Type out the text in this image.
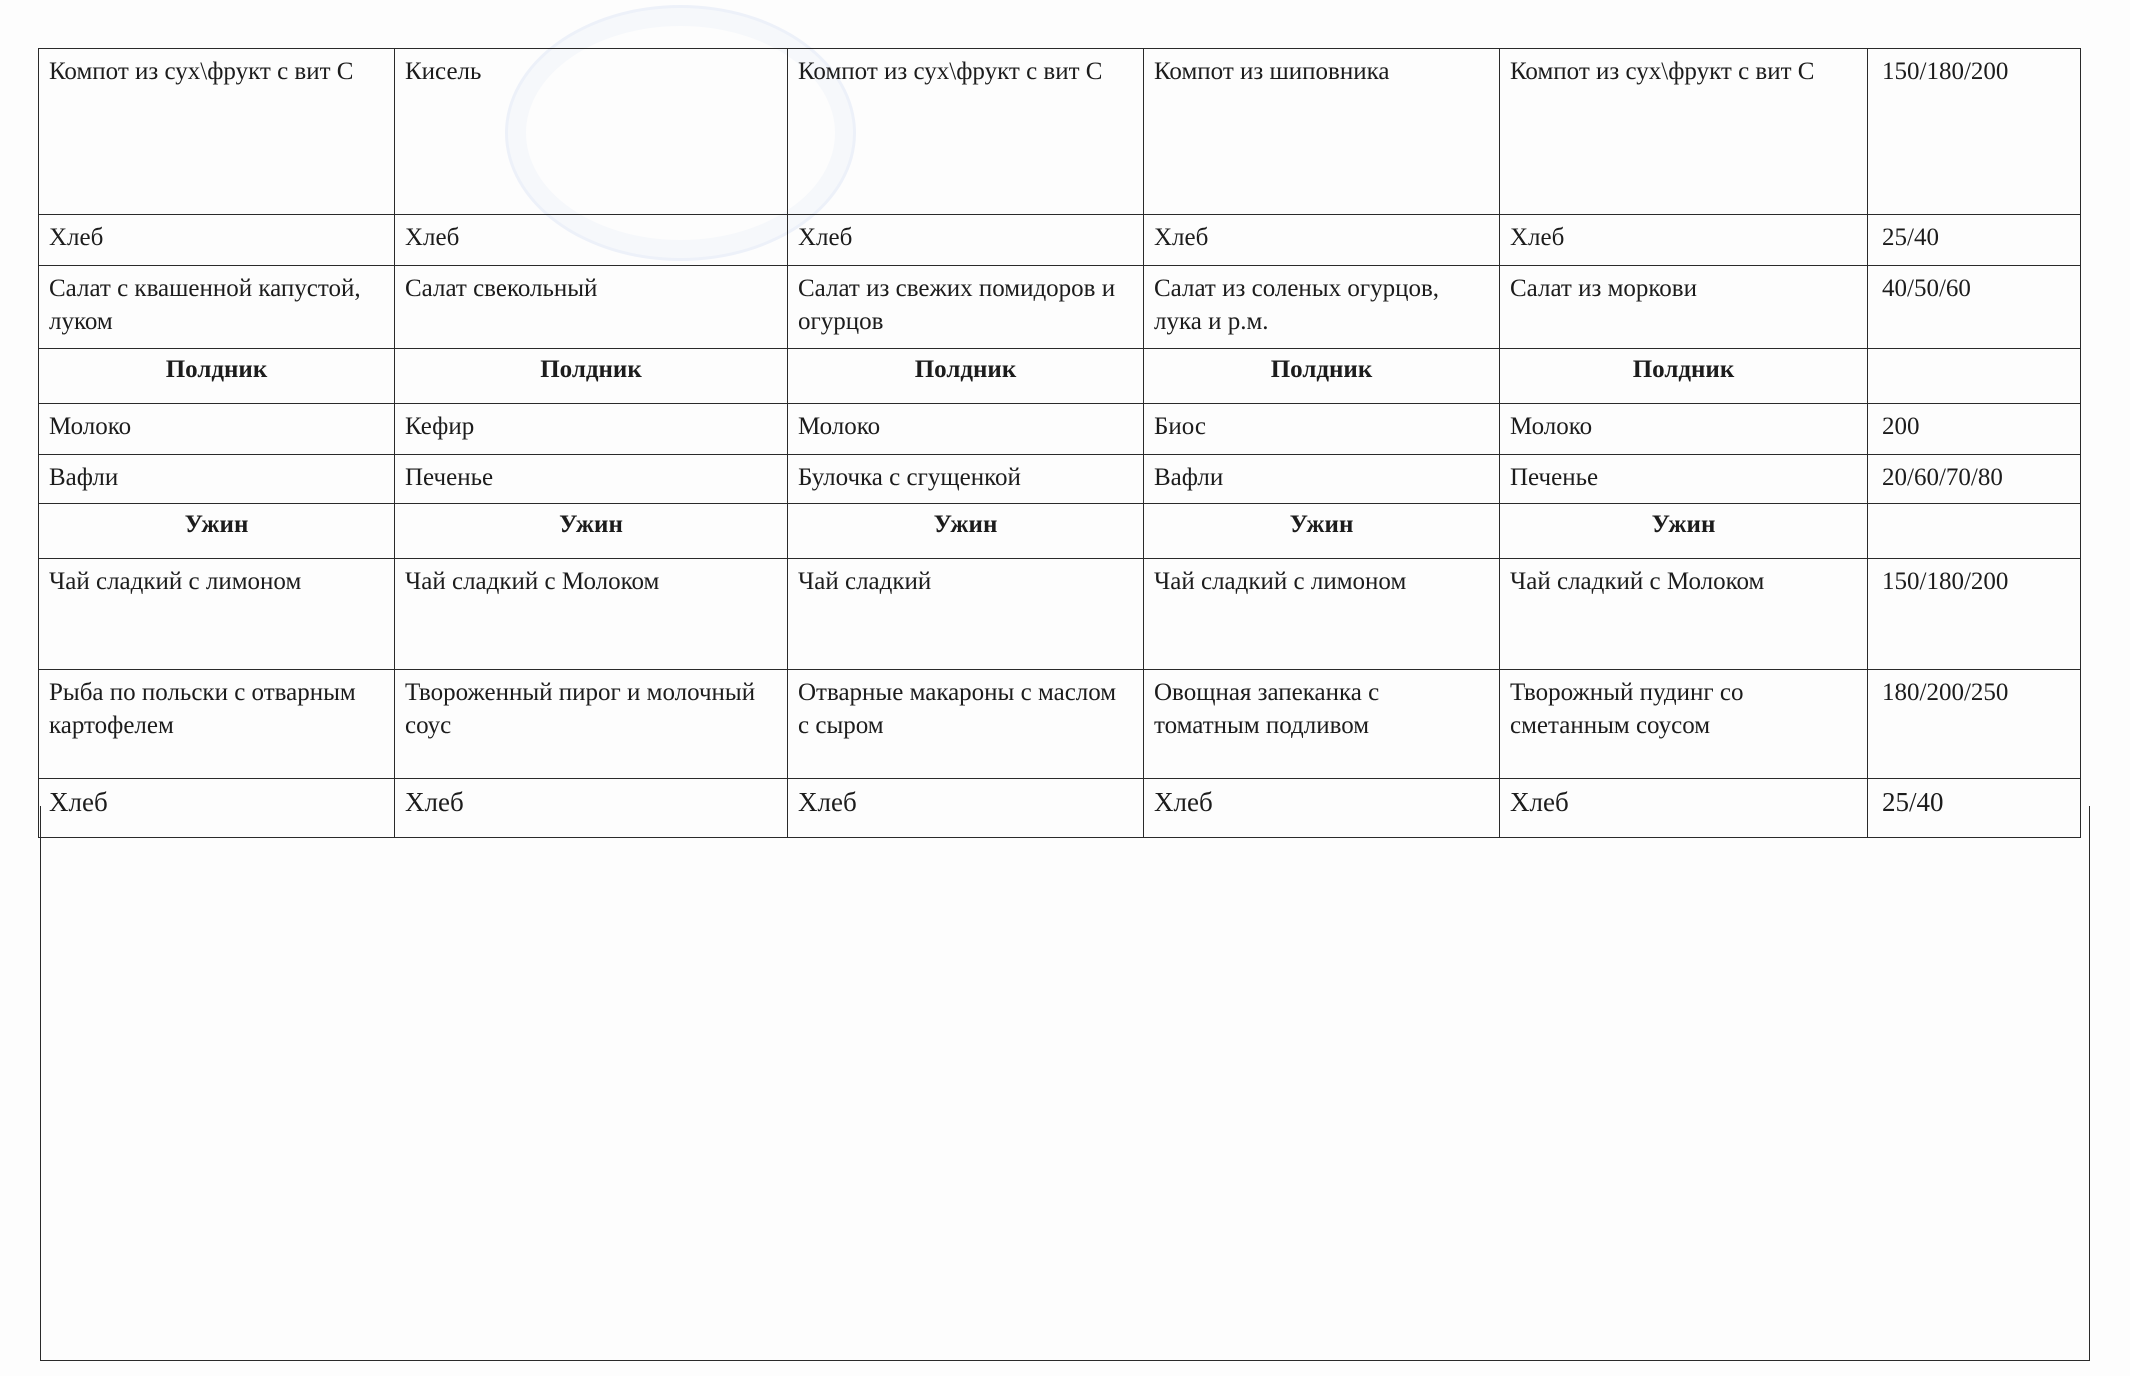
Компот из сух\фрукт с вит С	Кисель	Компот из сух\фрукт с вит С	Компот из шиповника	Компот из сух\фрукт с вит С	150/180/200
Хлеб	Хлеб	Хлеб	Хлеб	Хлеб	25/40
Салат с квашенной капустой, луком	Салат свекольный	Салат из свежих помидоров и огурцов	Салат из соленых огурцов, лука и р.м.	Салат из моркови	40/50/60
Полдник	Полдник	Полдник	Полдник	Полдник	
Молоко	Кефир	Молоко	Биос	Молоко	200
Вафли	Печенье	Булочка с сгущенкой	Вафли	Печенье	20/60/70/80
Ужин	Ужин	Ужин	Ужин	Ужин	
Чай сладкий с лимоном	Чай сладкий с Молоком	Чай сладкий	Чай сладкий с лимоном	Чай сладкий с Молоком	150/180/200
Рыба по польски с отварным картофелем	Твороженный пирог и молочный соус	Отварные макароны с маслом с сыром	Овощная запеканка с томатным подливом	Творожный пудинг со сметанным соусом	180/200/250
Хлеб	Хлеб	Хлеб	Хлеб	Хлеб	25/40
